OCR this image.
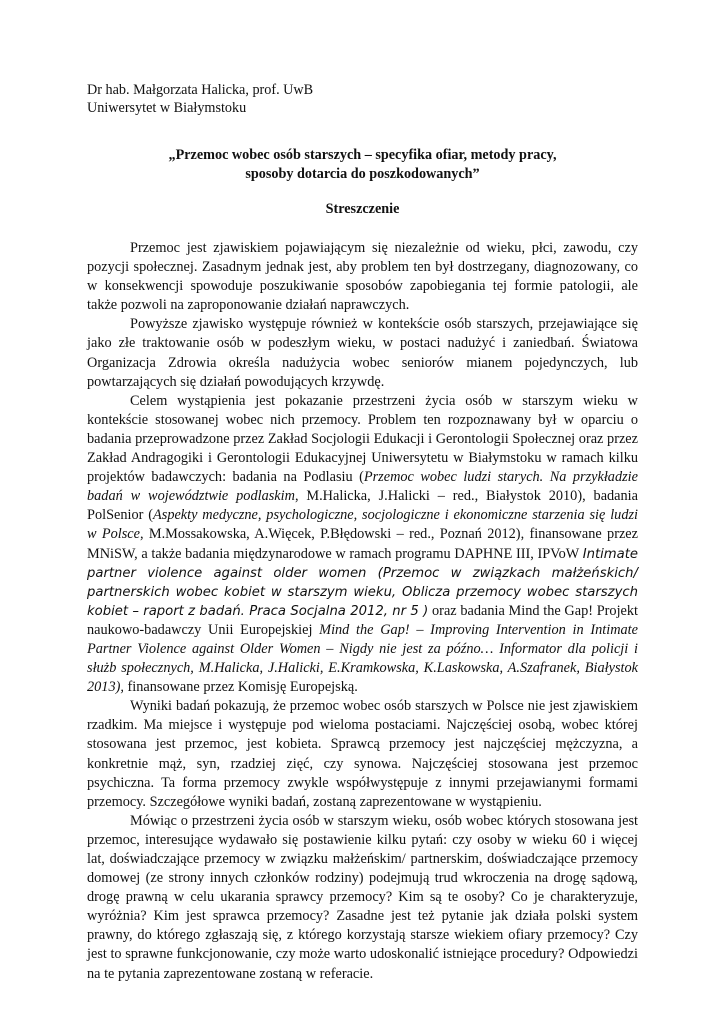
Dr hab. Małgorzata Halicka, prof. UwB

Uniwersytet w Białymstoku

„Przemoc wobec osób starszych – specyfika ofiar, metody pracy,
sposoby dotarcia do poszkodowanych”

Streszczenie

Przemoc jest zjawiskiem pojawiającym się niezależnie od wieku, płci, zawodu, czy pozycji społecznej. Zasadnym jednak jest, aby problem ten był dostrzegany, diagnozowany, co w konsekwencji spowoduje poszukiwanie sposobów zapobiegania tej formie patologii, ale także pozwoli na zaproponowanie działań naprawczych.

Powyższe zjawisko występuje również w kontekście osób starszych, przejawiające się jako złe traktowanie osób w podeszłym wieku, w postaci nadużyć i zaniedbań. Światowa Organizacja Zdrowia określa nadużycia wobec seniorów mianem pojedynczych, lub powtarzających się działań powodujących krzywdę.

Celem wystąpienia jest pokazanie przestrzeni życia osób w starszym wieku w kontekście stosowanej wobec nich przemocy. Problem ten rozpoznawany był w oparciu o badania przeprowadzone przez Zakład Socjologii Edukacji i Gerontologii Społecznej oraz przez Zakład Andragogiki i Gerontologii Edukacyjnej Uniwersytetu w Białymstoku w ramach kilku projektów badawczych: badania na Podlasiu (Przemoc wobec ludzi starych. Na przykładzie badań w województwie podlaskim, M.Halicka, J.Halicki – red., Białystok 2010), badania PolSenior (Aspekty medyczne, psychologiczne, socjologiczne i ekonomiczne starzenia się ludzi w Polsce, M.Mossakowska, A.Więcek, P.Błędowski – red., Poznań 2012), finansowane przez MNiSW, a także badania międzynarodowe w ramach programu DAPHNE III, IPVoW Intimate partner violence against older women (Przemoc w związkach małżeńskich/ partnerskich wobec kobiet w starszym wieku, Oblicza przemocy wobec starszych kobiet – raport z badań. Praca Socjalna 2012, nr 5 ) oraz badania Mind the Gap! Projekt naukowo-badawczy Unii Europejskiej Mind the Gap! – Improving Intervention in Intimate Partner Violence against Older Women – Nigdy nie jest za późno… Informator dla policji i służb społecznych, M.Halicka, J.Halicki, E.Kramkowska, K.Laskowska, A.Szafranek, Białystok 2013), finansowane przez Komisję Europejską.

Wyniki badań pokazują, że przemoc wobec osób starszych w Polsce nie jest zjawiskiem rzadkim. Ma miejsce i występuje pod wieloma postaciami. Najczęściej osobą, wobec której stosowana jest przemoc, jest kobieta. Sprawcą przemocy jest najczęściej mężczyzna, a konkretnie mąż, syn, rzadziej zięć, czy synowa. Najczęściej stosowana jest przemoc psychiczna. Ta forma przemocy zwykle współwystępuje z innymi przejawianymi formami przemocy. Szczegółowe wyniki badań, zostaną zaprezentowane w wystąpieniu.

Mówiąc o przestrzeni życia osób w starszym wieku, osób wobec których stosowana jest przemoc, interesujące wydawało się postawienie kilku pytań: czy osoby w wieku 60 i więcej lat, doświadczające przemocy w związku małżeńskim/ partnerskim, doświadczające przemocy domowej (ze strony innych członków rodziny) podejmują trud wkroczenia na drogę sądową, drogę prawną w celu ukarania sprawcy przemocy? Kim są te osoby? Co je charakteryzuje, wyróżnia? Kim jest sprawca przemocy? Zasadne jest też pytanie jak działa polski system prawny, do którego zgłaszają się, z którego korzystają starsze wiekiem ofiary przemocy? Czy jest to sprawne funkcjonowanie, czy może warto udoskonalić istniejące procedury? Odpowiedzi na te pytania zaprezentowane zostaną w referacie.
